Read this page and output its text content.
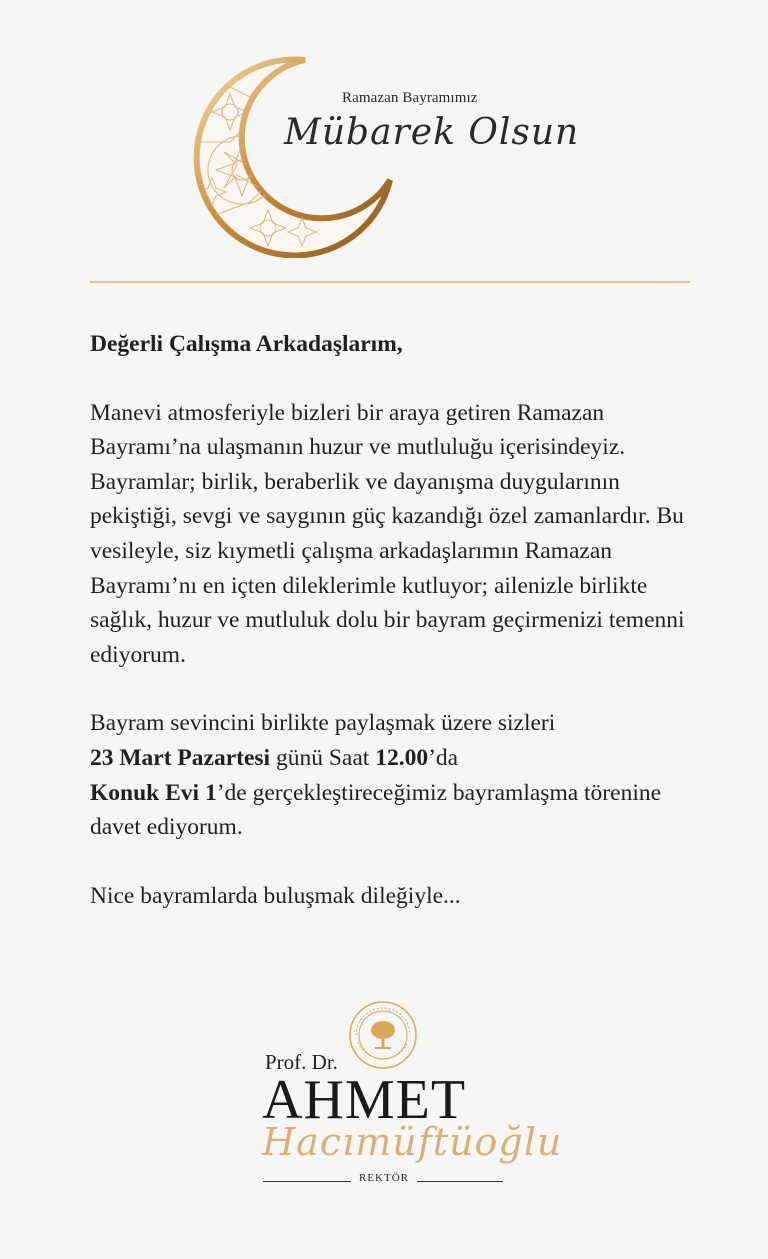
Ramazan Bayramımız
Mübarek Olsun

Değerli Çalışma Arkadaşlarım,

Manevi atmosferiyle bizleri bir araya getiren Ramazan Bayramı’na ulaşmanın huzur ve mutluluğu içerisindeyiz. Bayramlar; birlik, beraberlik ve dayanışma duygularının pekiştiği, sevgi ve saygının güç kazandığı özel zamanlardır. Bu vesileyle, siz kıymetli çalışma arkadaşlarımın Ramazan Bayramı’nı en içten dileklerimle kutluyor; ailenizle birlikte sağlık, huzur ve mutluluk dolu bir bayram geçirmenizi temenni ediyorum.

Bayram sevincini birlikte paylaşmak üzere sizleri
23 Mart Pazartesi günü Saat 12.00’da
Konuk Evi 1’de gerçekleştireceğimiz bayramlaşma törenine davet ediyorum.

Nice bayramlarda buluşmak dileğiyle...

Prof. Dr.
AHMET
Hacımüftüoğlu
REKTÖR
